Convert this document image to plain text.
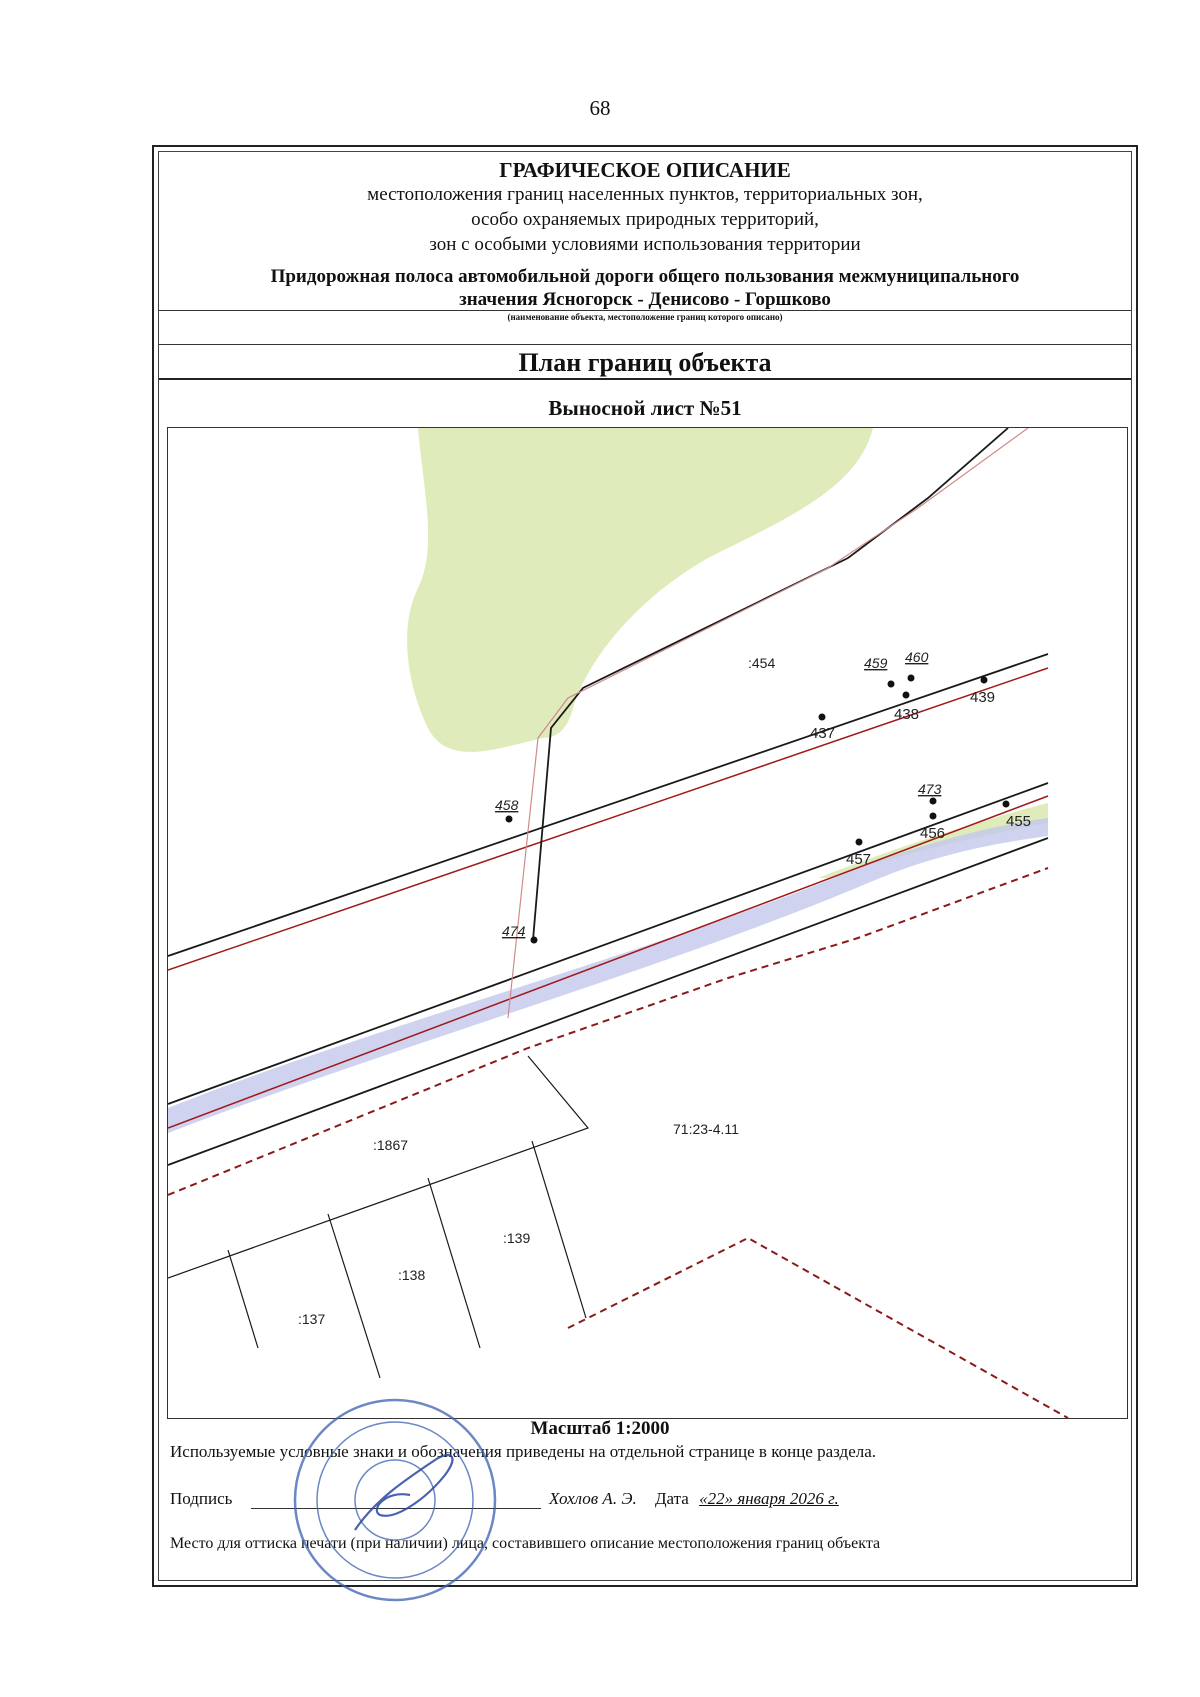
68
ГРАФИЧЕСКОЕ ОПИСАНИЕ
местоположения границ населенных пунктов, территориальных зон,
особо охраняемых природных территорий,
зон с особыми условиями использования территории
Придорожная полоса автомобильной дороги общего пользования межмуниципального
значения Ясногорск - Денисово - Горшково
(наименование объекта, местоположение границ которого описано)
План границ объекта
Выносной лист №51
:454
:1867
71:23-4.11
:139
:138
:137
458
474
437
459 460
438
439
473
455
456
457
Масштаб 1:2000
Используемые условные знаки и обозначения приведены на отдельной странице в конце раздела.
Подпись	Хохлов А. Э. Дата «22» января 2026 г.
Место для оттиска печати (при наличии) лица, составившего описание местоположения границ объекта
